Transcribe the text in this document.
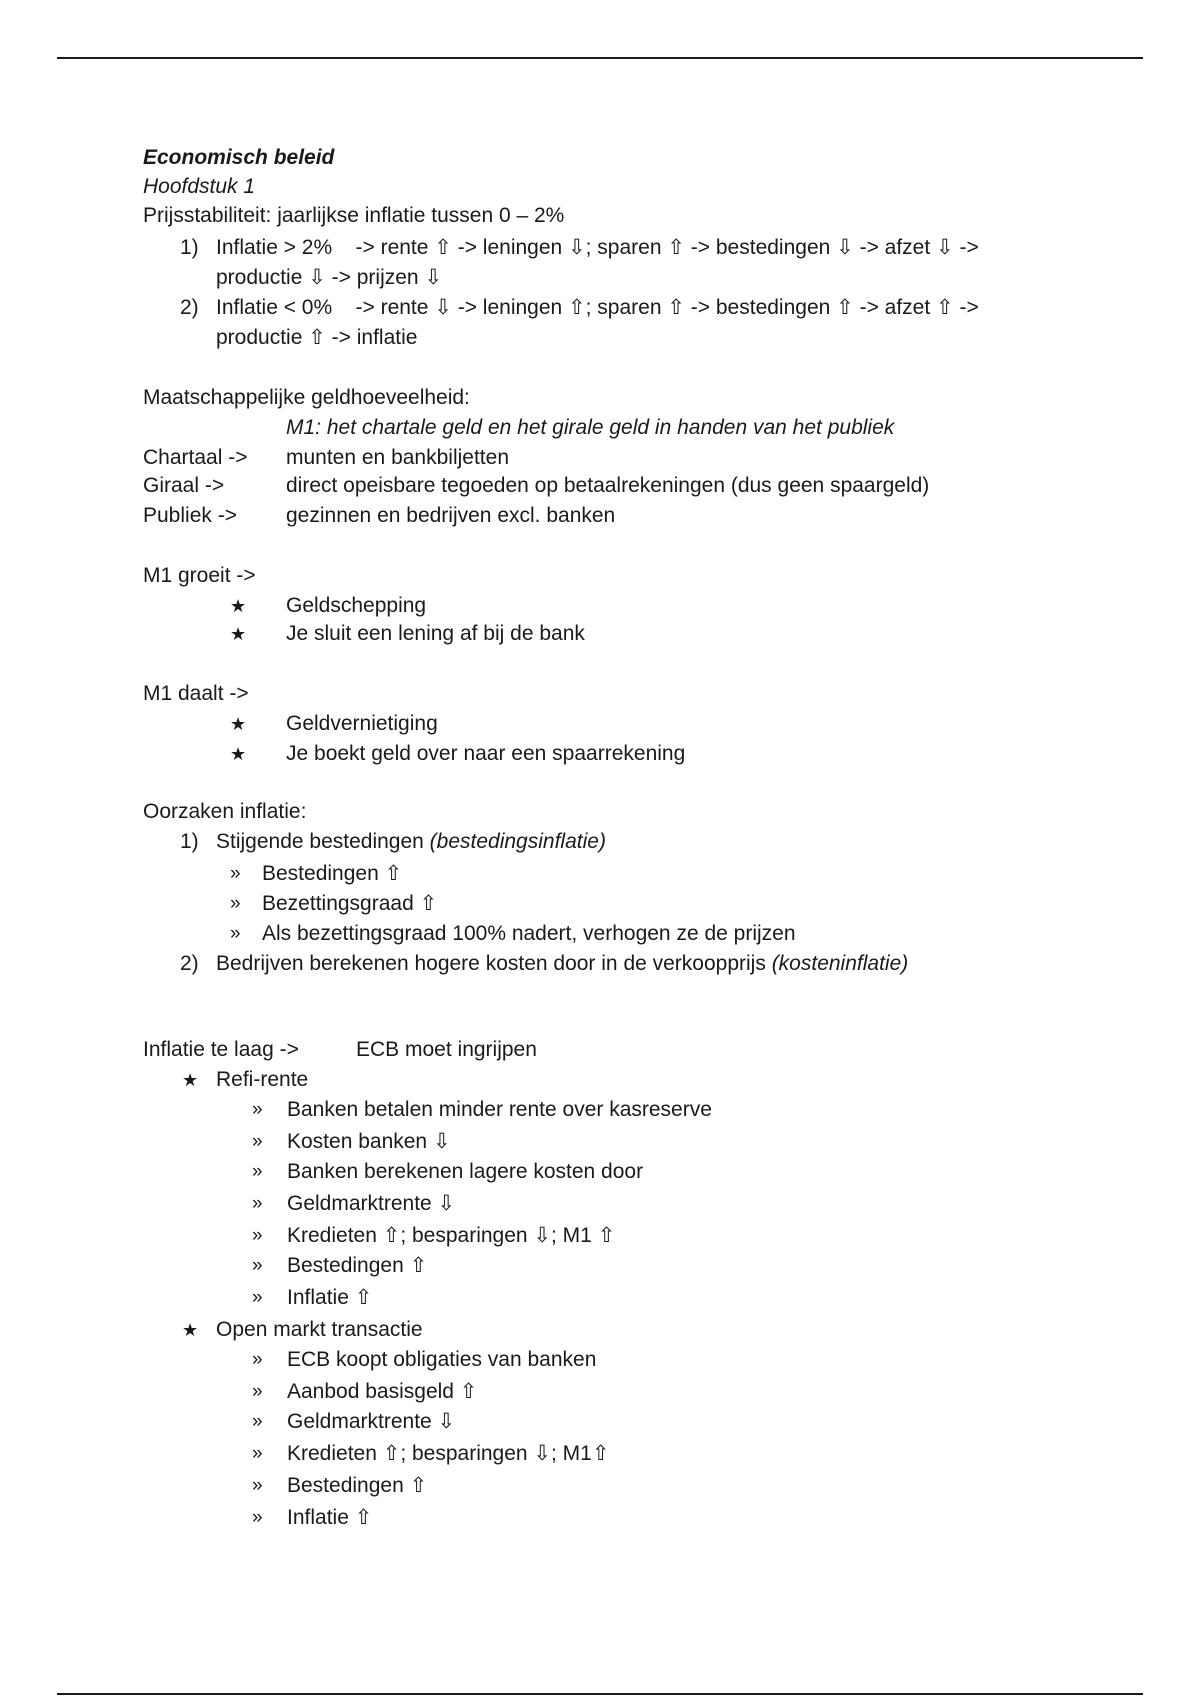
Economisch beleid
Hoofdstuk 1
Prijsstabiliteit: jaarlijkse inflatie tussen 0 – 2%
1) Inflatie > 2%    -> rente ⇧ -> leningen ⇩; sparen ⇧ -> bestedingen ⇩ -> afzet ⇩ ->
productie ⇩ -> prijzen ⇩
2) Inflatie < 0%    -> rente ⇩ -> leningen ⇧; sparen ⇧ -> bestedingen ⇧ -> afzet ⇧ ->
productie ⇧ -> inflatie
Maatschappelijke geldhoeveelheid:
M1: het chartale geld en het girale geld in handen van het publiek
Chartaal -> munten en bankbiljetten
Giraal ->	direct opeisbare tegoeden op betaalrekeningen (dus geen spaargeld)
Publiek -> gezinnen en bedrijven excl. banken
M1 groeit ->
★ Geldschepping
★ Je sluit een lening af bij de bank
M1 daalt ->
★ Geldvernietiging
★ Je boekt geld over naar een spaarrekening
Oorzaken inflatie:
1) Stijgende bestedingen (bestedingsinflatie)
» Bestedingen ⇧
» Bezettingsgraad ⇧
» Als bezettingsgraad 100% nadert, verhogen ze de prijzen
2) Bedrijven berekenen hogere kosten door in de verkoopprijs (kosteninflatie)
Inflatie te laag ->	ECB moet ingrijpen
★ Refi-rente
» Banken betalen minder rente over kasreserve
» Kosten banken ⇩
» Banken berekenen lagere kosten door
» Geldmarktrente ⇩
» Kredieten ⇧; besparingen ⇩; M1 ⇧
» Bestedingen ⇧
» Inflatie ⇧
★ Open markt transactie
» ECB koopt obligaties van banken
» Aanbod basisgeld ⇧
» Geldmarktrente ⇩
» Kredieten ⇧; besparingen ⇩; M1⇧
» Bestedingen ⇧
» Inflatie ⇧
